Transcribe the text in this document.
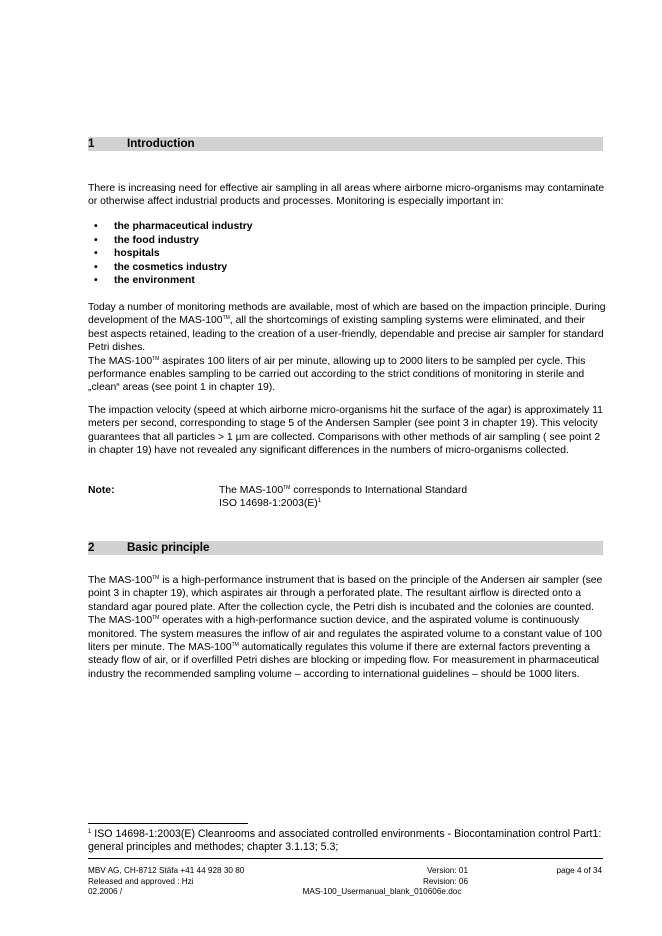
1	Introduction

There is increasing need for effective air sampling in all areas where airborne micro-organisms may contaminate or otherwise affect industrial products and processes. Monitoring is especially important in:

• the pharmaceutical industry
• the food industry
• hospitals
• the cosmetics industry
• the environment

Today a number of monitoring methods are available, most of which are based on the impaction principle. During development of the MAS-100™, all the shortcomings of existing sampling systems were eliminated, and their best aspects retained, leading to the creation of a user-friendly, dependable and precise air sampler for standard Petri dishes.

The MAS-100™ aspirates 100 liters of air per minute, allowing up to 2000 liters to be sampled per cycle. This performance enables sampling to be carried out according to the strict conditions of monitoring in sterile and „clean“ areas (see point 1 in chapter 19).

The impaction velocity (speed at which airborne micro-organisms hit the surface of the agar) is approximately 11 meters per second, corresponding to stage 5 of the Andersen Sampler (see point 3 in chapter 19). This velocity guarantees that all particles > 1 µm are collected. Comparisons with other methods of air sampling ( see point 2 in chapter 19) have not revealed any significant differences in the numbers of micro-organisms collected.

Note:	The MAS-100™ corresponds to International Standard
ISO 14698-1:2003(E)$^1$
2	Basic principle

The MAS-100™ is a high-performance instrument that is based on the principle of the Andersen air sampler (see point 3 in chapter 19), which aspirates air through a perforated plate. The resultant airflow is directed onto a standard agar poured plate. After the collection cycle, the Petri dish is incubated and the colonies are counted. The MAS-100™ operates with a high-performance suction device, and the aspirated volume is continuously monitored. The system measures the inflow of air and regulates the aspirated volume to a constant value of 100 liters per minute. The MAS-100™ automatically regulates this volume if there are external factors preventing a steady flow of air, or if overfilled Petri dishes are blocking or impeding flow. For measurement in pharmaceutical industry the recommended sampling volume – according to international guidelines – should be 1000 liters.

$^1$ ISO 14698-1:2003(E) Cleanrooms and associated controlled environments - Biocontamination control Part1: general principles and methodes; chapter 3.1.13; 5.3;
MBV AG, CH-8712 Stäfa +41 44 928 30 80
Released and approved : Hzi
02.2006 /
Version: 01
Revision: 06
MAS-100_Usermanual_blank_010606e.doc
page 4 of 34
